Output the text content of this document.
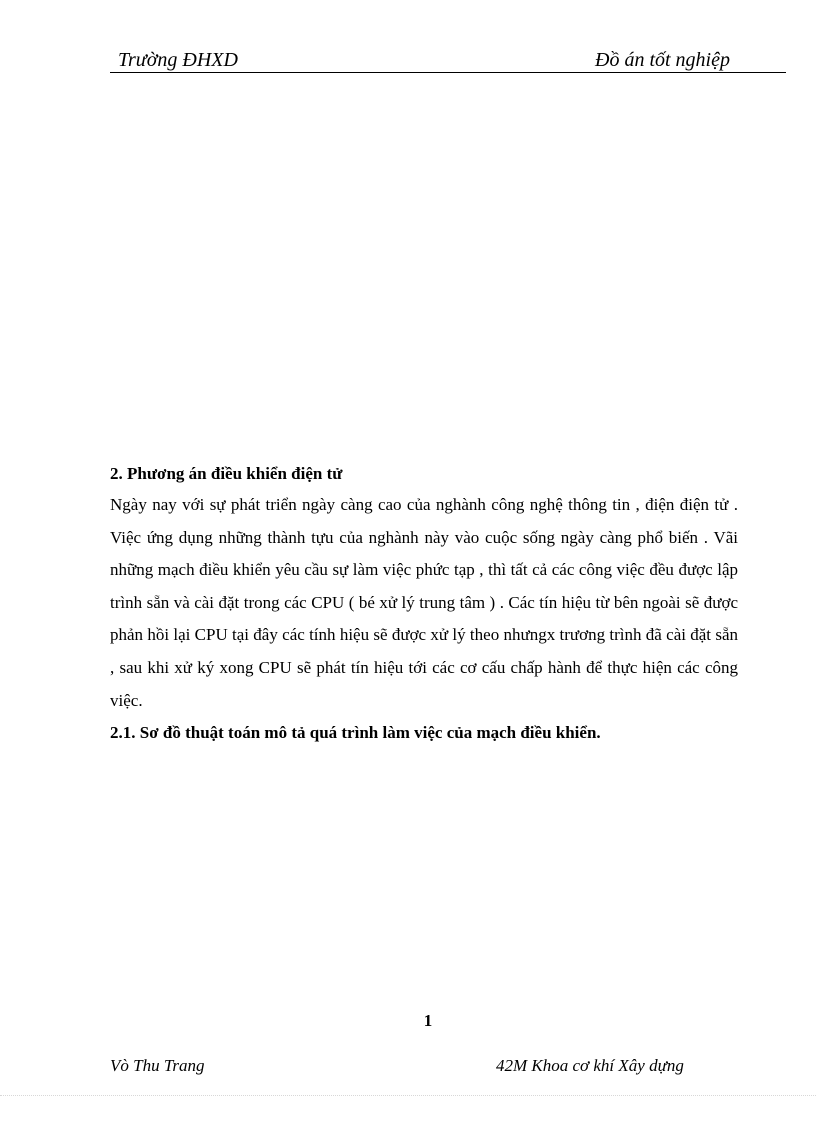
Trường ĐHXD	Đồ án tốt nghiệp

2. Phương án điều khiển điện tử

Ngày nay với sự phát triển ngày càng cao của nghành công nghệ thông tin , điện điện tử . Việc ứng dụng những thành tựu của nghành này vào cuộc sống ngày càng phổ biến . Vãi những mạch điều khiển yêu cầu sự làm việc phức tạp , thì tất cả các công việc đều được lập trình sẵn và cài đặt trong các CPU ( bé xử lý trung tâm ) . Các tín hiệu từ bên ngoài sẽ được phản hồi lại CPU tại đây các tính hiệu sẽ được xử lý theo nhưngx trương trình đã cài đặt sẵn , sau khi xử ký xong CPU sẽ phát tín hiệu tới các cơ cấu chấp hành để thực hiện các công việc.

2.1. Sơ đồ thuật toán mô tả quá trình làm việc của mạch điều khiển.

1
Vò Thu Trang	42M Khoa cơ khí Xây dựng
